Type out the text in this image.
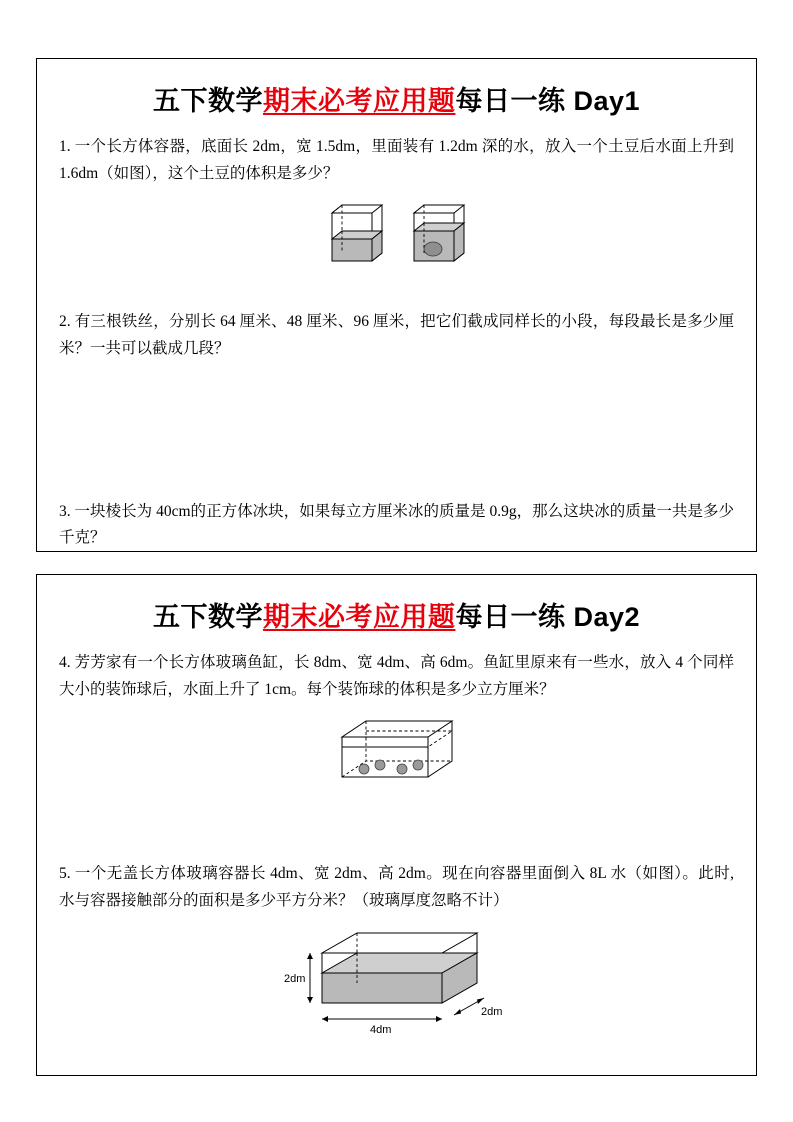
五下数学期末必考应用题每日一练 Day1

1. 一个长方体容器，底面长 2dm，宽 1.5dm，里面装有 1.2dm 深的水，放入一个土豆后水面上升到 1.6dm（如图），这个土豆的体积是多少？

2. 有三根铁丝，分别长 64 厘米、48 厘米、96 厘米，把它们截成同样长的小段，每段最长是多少厘米？一共可以截成几段？

3. 一块棱长为 40cm的正方体冰块，如果每立方厘米冰的质量是 0.9g，那么这块冰的质量一共是多少千克？

五下数学期末必考应用题每日一练 Day2

4. 芳芳家有一个长方体玻璃鱼缸，长 8dm、宽 4dm、高 6dm。鱼缸里原来有一些水，放入 4 个同样大小的装饰球后，水面上升了 1cm。每个装饰球的体积是多少立方厘米？

5. 一个无盖长方体玻璃容器长 4dm、宽 2dm、高 2dm。现在向容器里面倒入 8L 水（如图）。此时, 水与容器接触部分的面积是多少平方分米？（玻璃厚度忽略不计）

2dm
2dm
4dm
